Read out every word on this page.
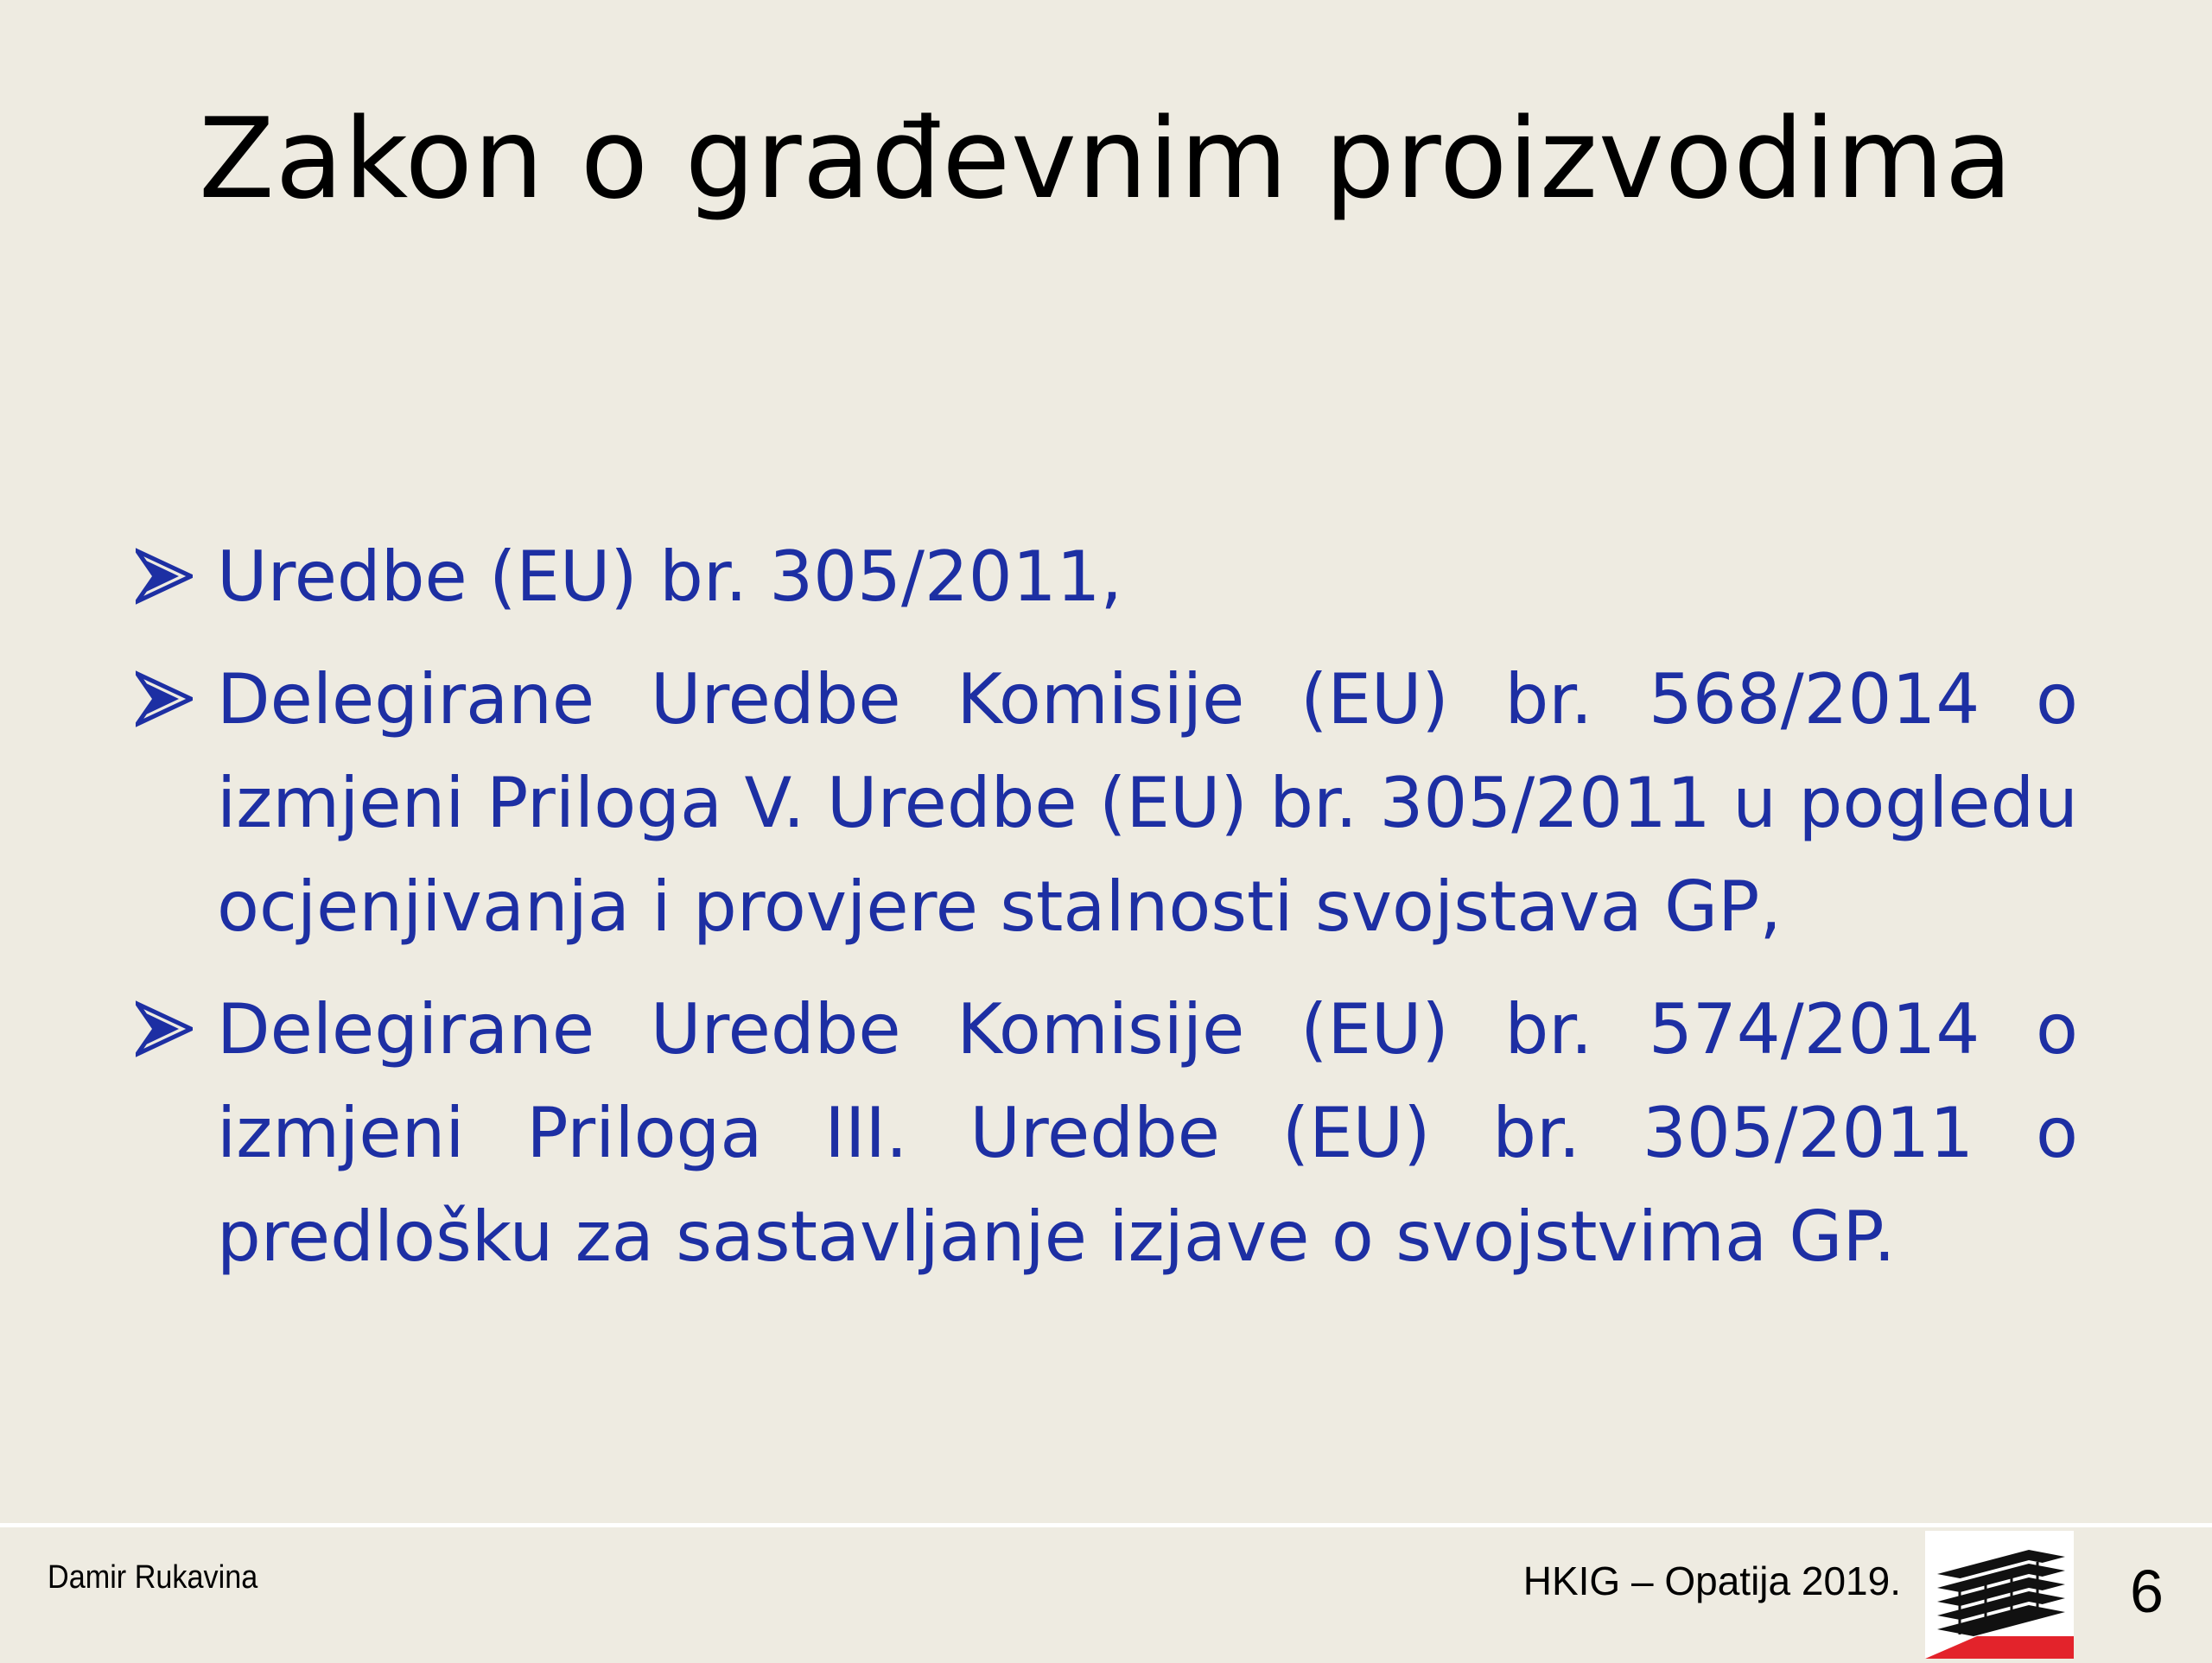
Zakon o građevnim proizvodima
Uredbe (EU) br. 305/2011,
Delegirane Uredbe Komisije (EU) br. 568/2014 o izmjeni Priloga V. Uredbe (EU) br. 305/2011 u pogledu ocjenjivanja i provjere stalnosti svojstava GP,
Delegirane Uredbe Komisije (EU) br. 574/2014 o izmjeni Priloga III. Uredbe (EU) br. 305/2011 o predlošku za sastavljanje izjave o svojstvima GP.
Damir Rukavina	HKIG – Opatija 2019.	6
